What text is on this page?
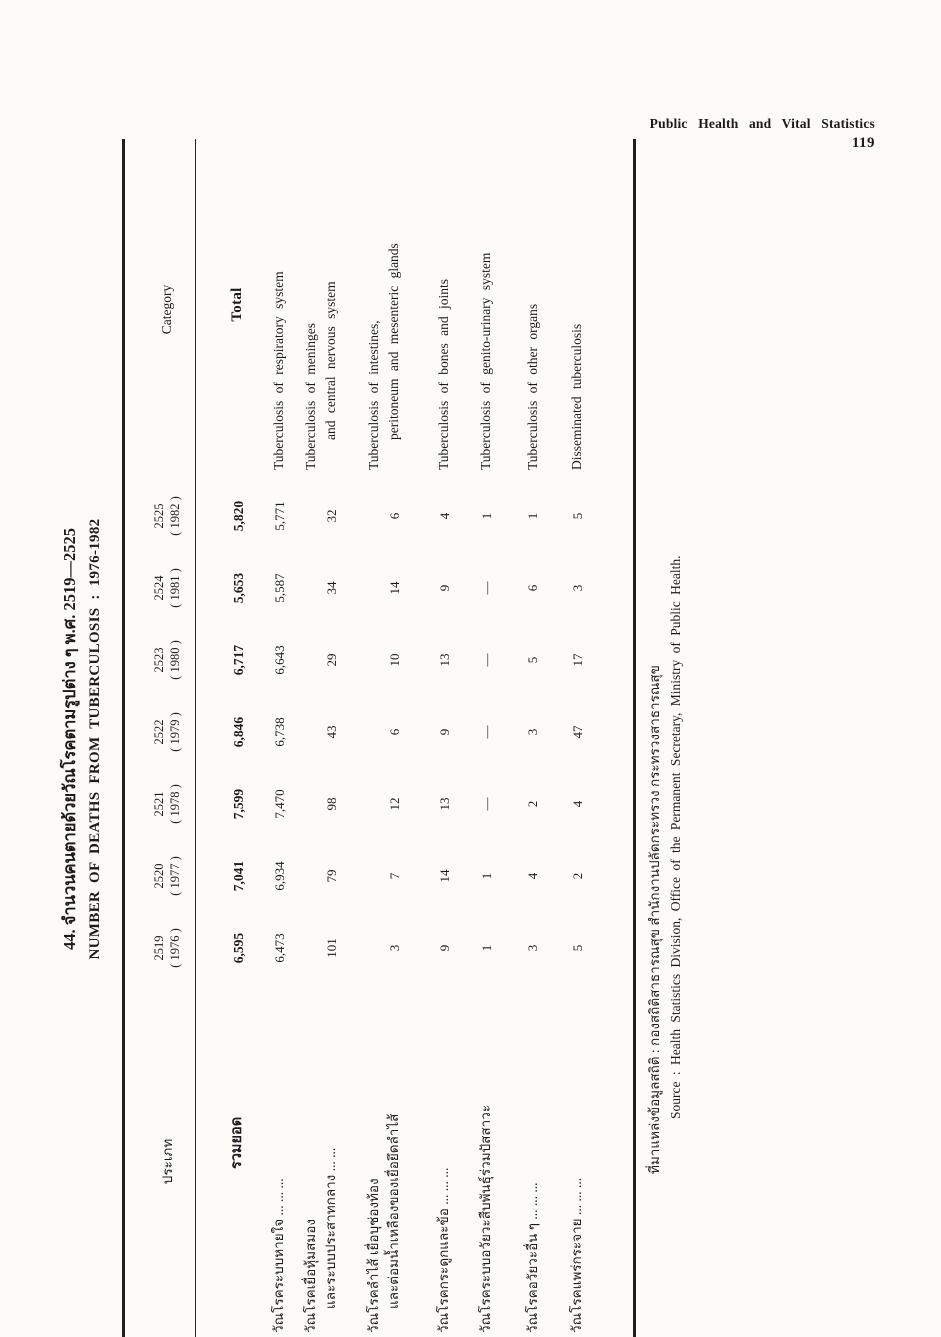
Public Health and Vital Statistics
119
44. จำนวนคนตายด้วยวัณโรคตามรูปต่าง ๆ พ.ศ. 2519—2525 NUMBER OF DEATHS FROM TUBERCULOSIS : 1976-1982
ประเภท
2519 ( 1976 )
2520 ( 1977 )
2521 ( 1978 )
2522 ( 1979 )
2523 ( 1980 )
2524 ( 1981 )
2525 ( 1982 )
Category
รวมยอด
6,595
7,041
7,599
6,846
6,717
5,653
5,820
Total
วัณโรคระบบหายใจ ... ... ...
6,473
6,934
7,470
6,738
6,643
5,587
5,771
Tuberculosis of respiratory system
วัณโรคเยื่อหุ้มสมอง และระบบประสาทกลาง ... ...
101
79
98
43
29
34
32
Tuberculosis of meninges and central nervous system
วัณโรคลำไส้ เยื่อบุช่องท้อง และต่อมน้ำเหลืองของเยื่อยึดลำไส้
3
7
12
6
10
14
6
Tuberculosis of intestines, peritoneum and mesenteric glands
วัณโรคกระดูกและข้อ ... ... ...
9
14
13
9
13
9
4
Tuberculosis of bones and joints
วัณโรคระบบอวัยวะสืบพันธุ์ร่วมปัสสาวะ
1
1
—
—
—
—
1
Tuberculosis of genito-urinary system
วัณโรคอวัยวะอื่น ๆ ... ... ...
3
4
2
3
5
6
1
Tuberculosis of other organs
วัณโรคแพร่กระจาย ... ... ...
5
2
4
47
17
3
5
Disseminated tuberculosis
ที่มาแหล่งข้อมูลสถิติ : กองสถิติสาธารณสุข สำนักงานปลัดกระทรวง กระทรวงสาธารณสุข Source : Health Statistics Division, Office of the Permanent Secretary, Ministry of Public Health.
